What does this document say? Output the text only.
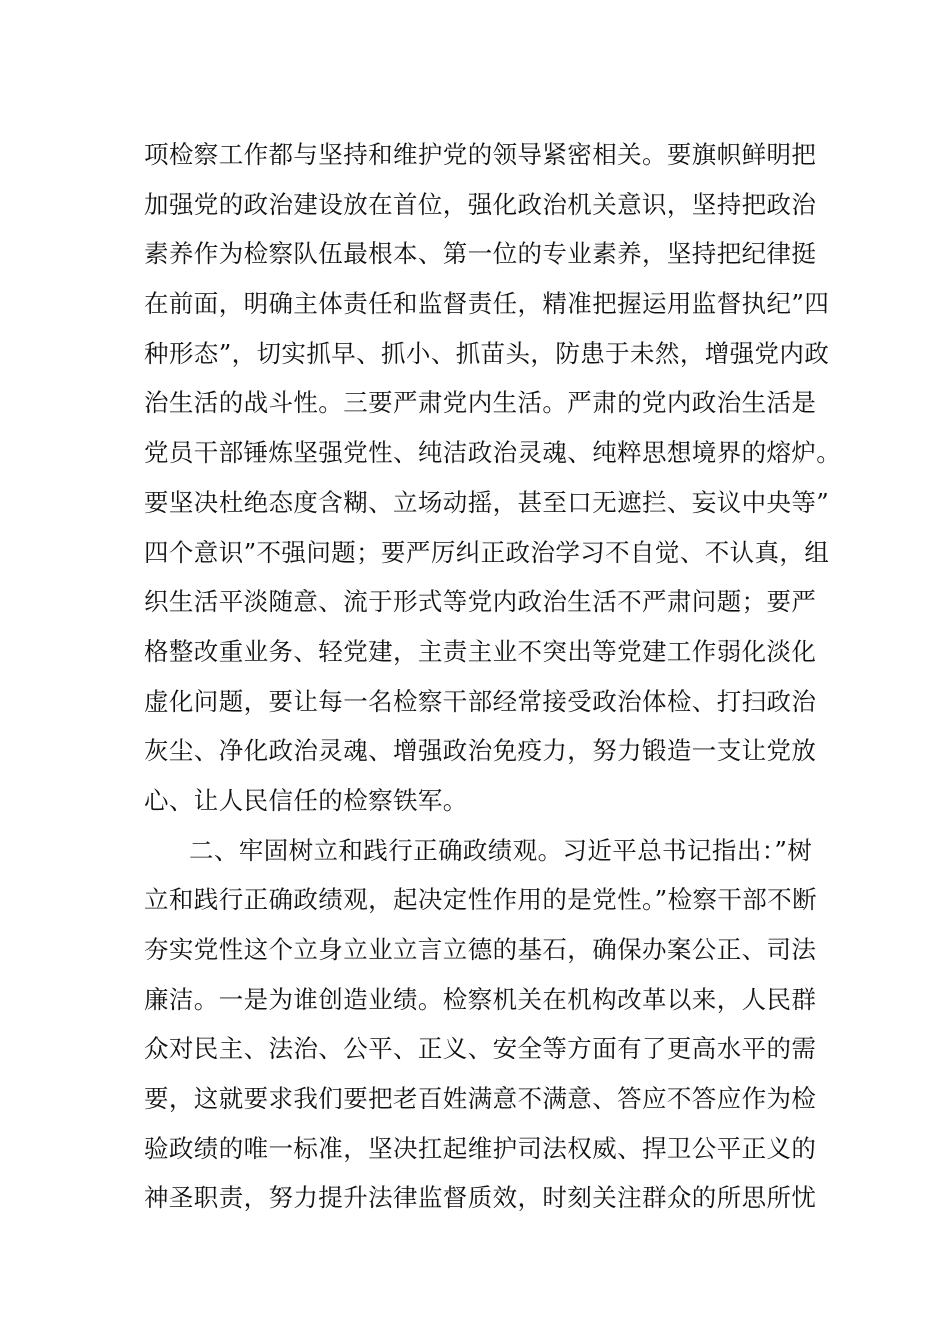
项检察工作都与坚持和维护党的领导紧密相关。要旗帜鲜明把
加强党的政治建设放在首位，强化政治机关意识，坚持把政治
素养作为检察队伍最根本、第一位的专业素养，坚持把纪律挺
在前面，明确主体责任和监督责任，精准把握运用监督执纪”四
种形态”，切实抓早、抓小、抓苗头，防患于未然，增强党内政
治生活的战斗性。三要严肃党内生活。严肃的党内政治生活是
党员干部锤炼坚强党性、纯洁政治灵魂、纯粹思想境界的熔炉。
要坚决杜绝态度含糊、立场动摇，甚至口无遮拦、妄议中央等”
四个意识”不强问题；要严厉纠正政治学习不自觉、不认真，组
织生活平淡随意、流于形式等党内政治生活不严肃问题；要严
格整改重业务、轻党建，主责主业不突出等党建工作弱化淡化
虚化问题，要让每一名检察干部经常接受政治体检、打扫政治
灰尘、净化政治灵魂、增强政治免疫力，努力锻造一支让党放
心、让人民信任的检察铁军。
二、牢固树立和践行正确政绩观。习近平总书记指出：”树
立和践行正确政绩观，起决定性作用的是党性。”检察干部不断
夯实党性这个立身立业立言立德的基石，确保办案公正、司法
廉洁。一是为谁创造业绩。检察机关在机构改革以来，人民群
众对民主、法治、公平、正义、安全等方面有了更高水平的需
要，这就要求我们要把老百姓满意不满意、答应不答应作为检
验政绩的唯一标准，坚决扛起维护司法权威、捍卫公平正义的
神圣职责，努力提升法律监督质效，时刻关注群众的所思所忧
